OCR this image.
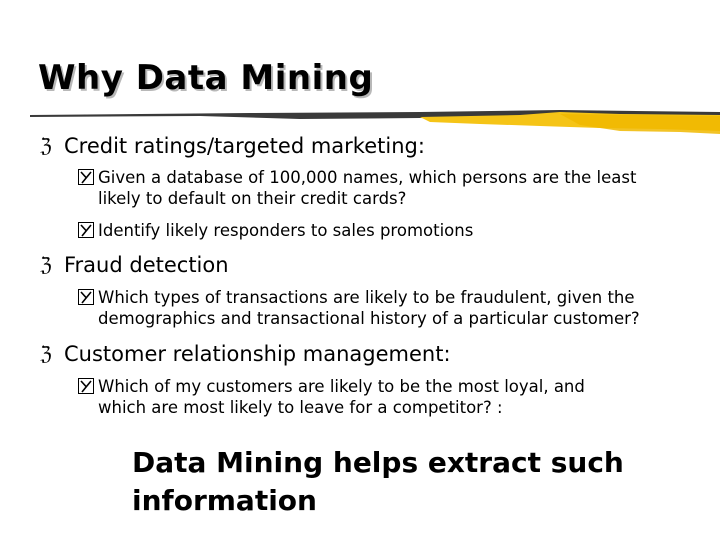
Why Data Mining
ℨ Credit ratings/targeted marketing:
Given a database of 100,000 names, which persons are the least
likely to default on their credit cards?
Identify likely responders to sales promotions
ℨ Fraud detection
Which types of transactions are likely to be fraudulent, given the
demographics and transactional history of a particular customer?
ℨ Customer relationship management:
Which of my customers are likely to be the most loyal, and
which are most likely to leave for a competitor? :
Data Mining helps extract such
information
